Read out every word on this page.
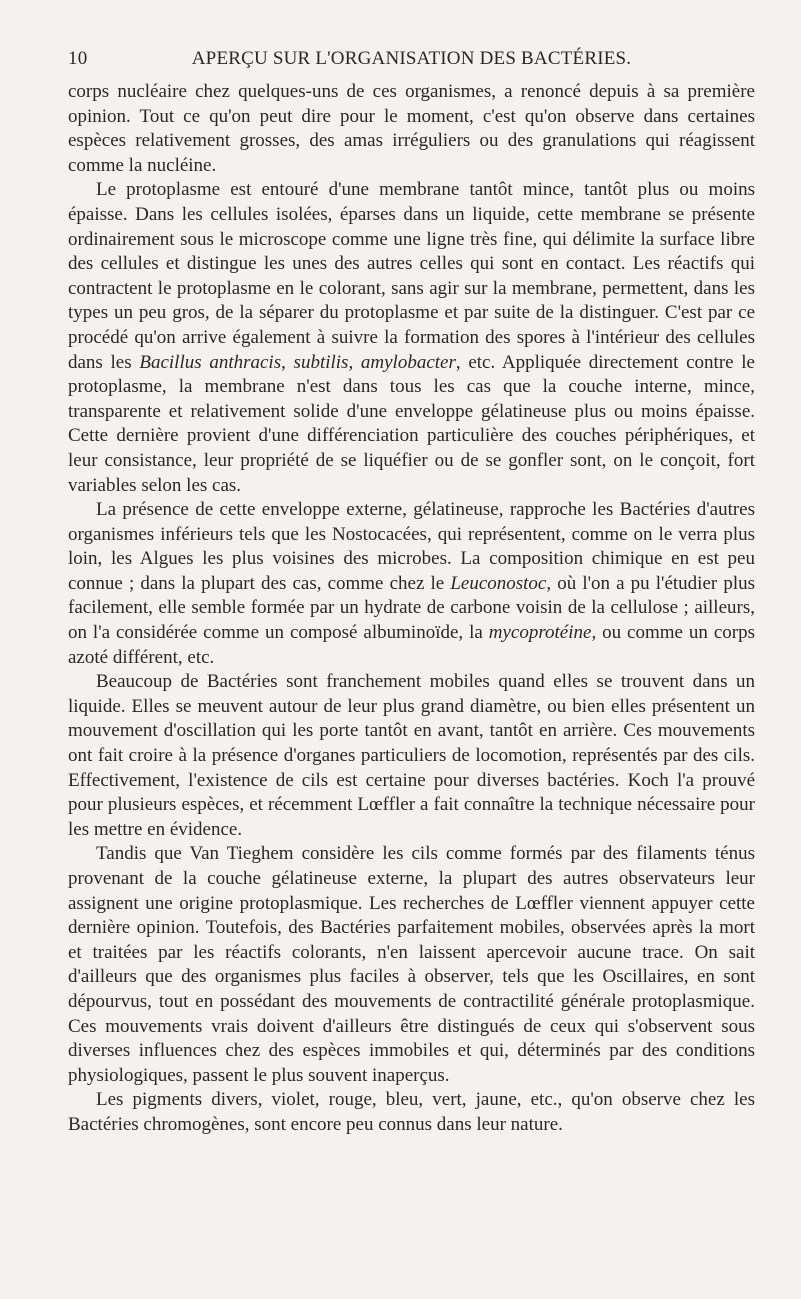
10	APERÇU SUR L'ORGANISATION DES BACTÉRIES.

corps nucléaire chez quelques-uns de ces organismes, a renoncé depuis à sa première opinion. Tout ce qu'on peut dire pour le moment, c'est qu'on observe dans certaines espèces relativement grosses, des amas irréguliers ou des granulations qui réagissent comme la nucléine.

Le protoplasme est entouré d'une membrane tantôt mince, tantôt plus ou moins épaisse. Dans les cellules isolées, éparses dans un liquide, cette membrane se présente ordinairement sous le microscope comme une ligne très fine, qui délimite la surface libre des cellules et distingue les unes des autres celles qui sont en contact. Les réactifs qui contractent le protoplasme en le colorant, sans agir sur la membrane, permettent, dans les types un peu gros, de la séparer du protoplasme et par suite de la distinguer. C'est par ce procédé qu'on arrive également à suivre la formation des spores à l'intérieur des cellules dans les Bacillus anthracis, subtilis, amylobacter, etc. Appliquée directement contre le protoplasme, la membrane n'est dans tous les cas que la couche interne, mince, transparente et relativement solide d'une enveloppe gélatineuse plus ou moins épaisse. Cette dernière provient d'une différenciation particulière des couches périphériques, et leur consistance, leur propriété de se liquéfier ou de se gonfler sont, on le conçoit, fort variables selon les cas.

La présence de cette enveloppe externe, gélatineuse, rapproche les Bactéries d'autres organismes inférieurs tels que les Nostocacées, qui représentent, comme on le verra plus loin, les Algues les plus voisines des microbes. La composition chimique en est peu connue ; dans la plupart des cas, comme chez le Leuconostoc, où l'on a pu l'étudier plus facilement, elle semble formée par un hydrate de carbone voisin de la cellulose ; ailleurs, on l'a considérée comme un composé albuminoïde, la mycoprotéine, ou comme un corps azoté différent, etc.

Beaucoup de Bactéries sont franchement mobiles quand elles se trouvent dans un liquide. Elles se meuvent autour de leur plus grand diamètre, ou bien elles présentent un mouvement d'oscillation qui les porte tantôt en avant, tantôt en arrière. Ces mouvements ont fait croire à la présence d'organes particuliers de locomotion, représentés par des cils. Effectivement, l'existence de cils est certaine pour diverses bactéries. Koch l'a prouvé pour plusieurs espèces, et récemment Lœffler a fait connaître la technique nécessaire pour les mettre en évidence.

Tandis que Van Tieghem considère les cils comme formés par des filaments ténus provenant de la couche gélatineuse externe, la plupart des autres observateurs leur assignent une origine protoplasmique. Les recherches de Lœffler viennent appuyer cette dernière opinion. Toutefois, des Bactéries parfaitement mobiles, observées après la mort et traitées par les réactifs colorants, n'en laissent apercevoir aucune trace. On sait d'ailleurs que des organismes plus faciles à observer, tels que les Oscillaires, en sont dépourvus, tout en possédant des mouvements de contractilité générale protoplasmique. Ces mouvements vrais doivent d'ailleurs être distingués de ceux qui s'observent sous diverses influences chez des espèces immobiles et qui, déterminés par des conditions physiologiques, passent le plus souvent inaperçus.

Les pigments divers, violet, rouge, bleu, vert, jaune, etc., qu'on observe chez les Bactéries chromogènes, sont encore peu connus dans leur nature.
